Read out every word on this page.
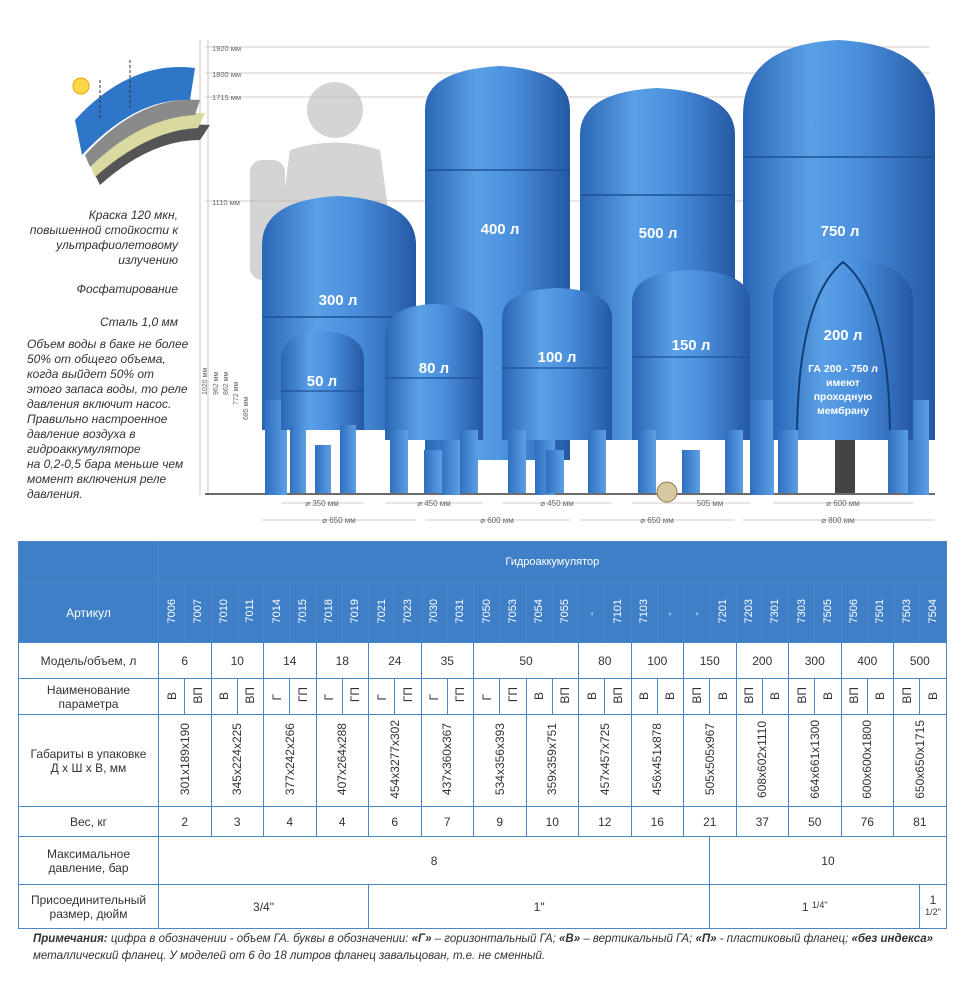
400 л	500 л	750 л
300 л
50 л
80 л
100 л
150 л
200 л
ГА 200 - 750 л
имеют
проходную
мембрану
1920 мм
1800 мм
1715 мм
1110 мм
1020 мм 962 мм 862 мм 772 мм
685 мм
⌀ 350 мм
⌀ 650 мм
⌀ 450 мм
⌀ 600 мм
⌀ 450 мм	505 мм
⌀ 650 мм
⌀ 600 мм
⌀ 800 мм
Краска 120 мкн,
повышенной стойкости к
ультрафиолетовому
излучению
Фосфатирование
Сталь 1,0 мм
Объем воды в баке не более
50% от общего объема,
когда выйдет 50% от
этого запаса воды, то реле
давления включит насос.
Правильно настроенное
давление воздуха в
гидроаккумуляторе
на 0,2-0,5 бара меньше чем
момент включения реле
давления.
	Гидроаккумулятор																														
Артикул	7006	7007	7010	7011	7014	7015	7018	7019	7021	7023	7030	7031	7050	7053	7054	7055	-	7101	7103	-	-	7201	7203	7301	7303	7505	7506	7501	7503	7504	
Модель/объем, л	6		10		14		18		24		35		50				80		100		150		200		300		400		500	
Наименование
параметра	В	ВП	В	ВП	Г	ГП	Г	ГП	Г	ГП	Г	ГП	Г	ГП	В	ВП	В	ВП	В	В	ВП	В	ВП	В	ВП	В	ВП	В	ВП	В	
Габариты в упаковке
Д х Ш х В, мм	301x189x190		345x224x225		377x242x266		407x264x288		454x3277x302		437x360x367		534x356x393		359x359x751		457x457x725		456x451x878		505x505x967		608x602x1110		664x661x1300		600x600x1800		650x650x1715	
Вес, кг	2		3		4		4		6		7		9		10		12		16		21		37		50		76		81	
Максимальное
давление, бар	8																					10									
Присоединительный
размер, дюйм	3/4"								1"													1 $^{1/4"}$								1 $^{1/2"}$
Примечания: цифра в обозначении - объем ГА. буквы в обозначении: «Г» – горизонтальный ГА; «В» – вертикальный ГА; «П» - пластиковый фланец; «без индекса» металлический фланец. У моделей от 6 до 18 литров фланец завальцован, т.е. не сменный.
